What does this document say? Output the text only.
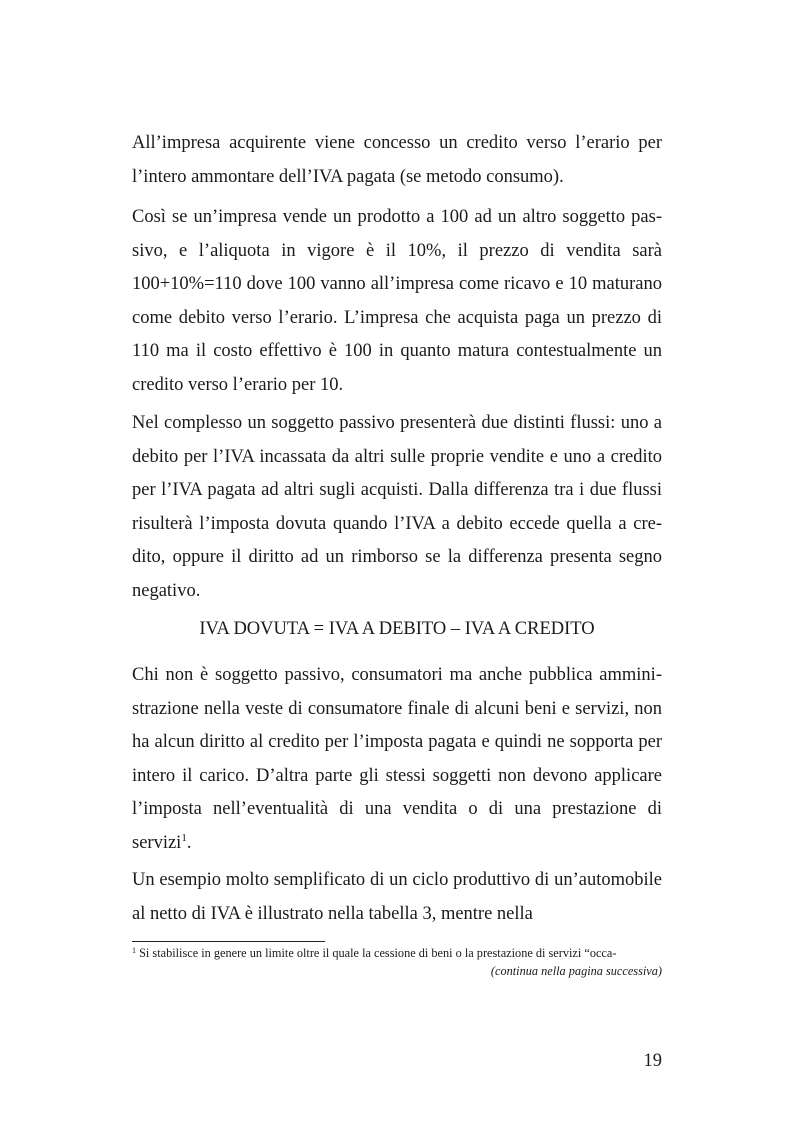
All’impresa acquirente viene concesso un credito verso l’erario per l’intero ammontare dell’IVA pagata (se metodo consumo).

Così se un’impresa vende un prodotto a 100 ad un altro soggetto passivo, e l’aliquota in vigore è il 10%, il prezzo di vendita sarà 100+10%=110 dove 100 vanno all’impresa come ricavo e 10 maturano come debito verso l’erario. L’impresa che acquista paga un prezzo di 110 ma il costo effettivo è 100 in quanto matura contestualmente un credito verso l’erario per 10.

Nel complesso un soggetto passivo presenterà due distinti flussi: uno a debito per l’IVA incassata da altri sulle proprie vendite e uno a credito per l’IVA pagata ad altri sugli acquisti. Dalla differenza tra i due flussi risulterà l’imposta dovuta quando l’IVA a debito eccede quella a credito, oppure il diritto ad un rimborso se la differenza presenta segno negativo.

IVA DOVUTA = IVA A DEBITO – IVA A CREDITO

Chi non è soggetto passivo, consumatori ma anche pubblica amministrazione nella veste di consumatore finale di alcuni beni e servizi, non ha alcun diritto al credito per l’imposta pagata e quindi ne sopporta per intero il carico. D’altra parte gli stessi soggetti non devono applicare l’imposta nell’eventualità di una vendita o di una prestazione di servizi$^1$.

Un esempio molto semplificato di un ciclo produttivo di un’automobile al netto di IVA è illustrato nella tabella 3, mentre nella

$^1$ Si stabilisce in genere un limite oltre il quale la cessione di beni o la prestazione di servizi “occa-
(continua nella pagina successiva)
19
